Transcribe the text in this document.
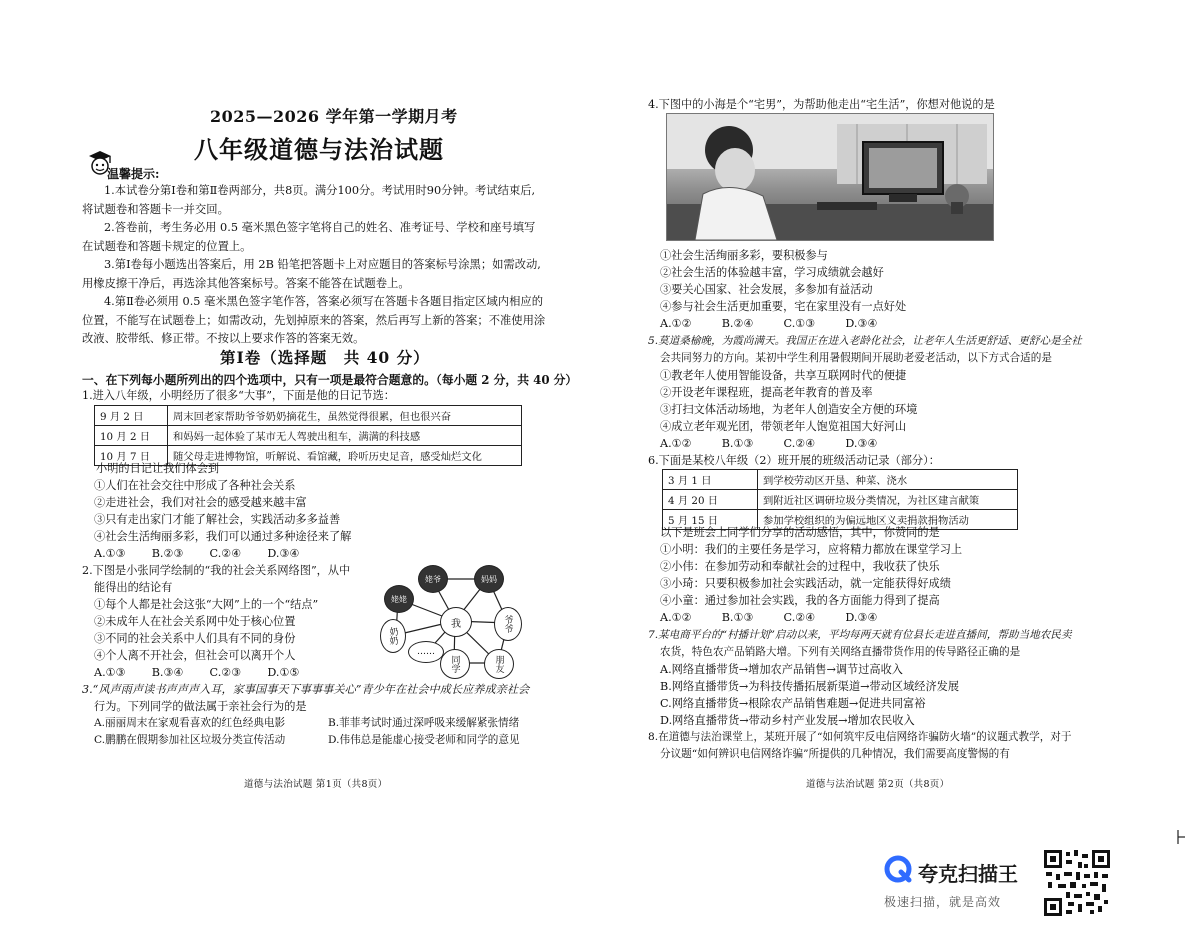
2025—2026 学年第一学期月考
八年级道德与法治试题
温馨提示:

1.本试卷分第Ⅰ卷和第Ⅱ卷两部分，共8页。满分100分。考试用时90分钟。考试结束后,

将试题卷和答题卡一并交回。

2.答卷前，考生务必用 0.5 毫米黑色签字笔将自己的姓名、准考证号、学校和座号填写

在试题卷和答题卡规定的位置上。

3.第Ⅰ卷每小题选出答案后，用 2B 铅笔把答题卡上对应题目的答案标号涂黑；如需改动,

用橡皮擦干净后，再选涂其他答案标号。答案不能答在试题卷上。

4.第Ⅱ卷必须用 0.5 毫米黑色签字笔作答，答案必须写在答题卡各题目指定区域内相应的

位置，不能写在试题卷上；如需改动，先划掉原来的答案，然后再写上新的答案；不准使用涂

改液、胶带纸、修正带。不按以上要求作答的答案无效。

第Ⅰ卷（选择题　共 40 分）
一、在下列每小题所列出的四个选项中，只有一项是最符合题意的。（每小题 2 分，共 40 分）
1.进入八年级，小明经历了很多“大事”，下面是他的日记节选：
9 月 2 日	周末回老家帮助爷爷奶奶摘花生，虽然觉得很累，但也很兴奋
10 月 2 日	和妈妈一起体验了某市无人驾驶出租车，满满的科技感
10 月 7 日	随父母走进博物馆，听解说、看馆藏，聆听历史足音，感受灿烂文化
小明的日记让我们体会到
①人们在社会交往中形成了各种社会关系
②走进社会，我们对社会的感受越来越丰富
③只有走出家门才能了解社会，实践活动多多益善
④社会生活绚丽多彩，我们可以通过多种途径来了解
A.①③ B.②③ C.②④ D.③④
2.下图是小张同学绘制的“我的社会关系网络图”，从中
能得出的结论有
①每个人都是社会这张“大网”上的一个“结点”
②未成年人在社会关系网中处于核心位置
③不同的社会关系中人们具有不同的身份
④个人离不开社会，但社会可以离开个人
A.①③ B.③④ C.②③ D.①⑤
我	爷爷
奶奶
同学	朋友
姥爷
……
姥姥
妈妈
3.“风声雨声读书声声声入耳，家事国事天下事事事关心”青少年在社会中成长应养成亲社会
行为。下列同学的做法属于亲社会行为的是
A.丽丽周末在家观看喜欢的红色经典电影	B.菲菲考试时通过深呼吸来缓解紧张情绪
C.鹏鹏在假期参加社区垃圾分类宣传活动	D.伟伟总是能虚心接受老师和同学的意见
道德与法治试题 第1页（共8页）
4.下图中的小海是个“宅男”，为帮助他走出“宅生活”，你想对他说的是
①社会生活绚丽多彩，要积极参与
②社会生活的体验越丰富，学习成绩就会越好
③要关心国家、社会发展，多参加有益活动
④参与社会生活更加重要，宅在家里没有一点好处
A.①②	B.②④	C.①③	D.③④
5.莫道桑榆晚，为霞尚满天。我国正在进入老龄化社会，让老年人生活更舒适、更舒心是全社
会共同努力的方向。某初中学生利用暑假期间开展助老爱老活动，以下方式合适的是
①教老年人使用智能设备，共享互联网时代的便捷
②开设老年课程班，提高老年教育的普及率
③打扫文体活动场地，为老年人创造安全方便的环境
④成立老年观光团，带领老年人饱览祖国大好河山
A.①②	B.①③	C.②④	D.③④
6.下面是某校八年级（2）班开展的班级活动记录（部分）：
3 月 1 日	到学校劳动区开垦、种菜、浇水
4 月 20 日	到附近社区调研垃圾分类情况，为社区建言献策
5 月 15 日	参加学校组织的为偏远地区义卖捐款捐物活动
以下是班会上同学们分享的活动感悟，其中，你赞同的是
①小明：我们的主要任务是学习，应将精力都放在课堂学习上
②小伟：在参加劳动和奉献社会的过程中，我收获了快乐
③小琦：只要积极参加社会实践活动，就一定能获得好成绩
④小童：通过参加社会实践，我的各方面能力得到了提高
A.①②	B.①③	C.②④	D.③④
7.某电商平台的“村播计划”启动以来，平均每两天就有位县长走进直播间，帮助当地农民卖
农货，特色农产品销路大增。下列有关网络直播带货作用的传导路径正确的是
A.网络直播带货→增加农产品销售→调节过高收入
B.网络直播带货→为科技传播拓展新渠道→带动区域经济发展
C.网络直播带货→根除农产品销售难题→促进共同富裕
D.网络直播带货→带动乡村产业发展→增加农民收入
8.在道德与法治课堂上，某班开展了“如何筑牢反电信网络诈骗防火墙”的议题式教学，对于
分议题“如何辨识电信网络诈骗”所提供的几种情况，我们需要高度警惕的有
道德与法治试题 第2页（共8页）
夸克扫描王
极速扫描，就是高效
